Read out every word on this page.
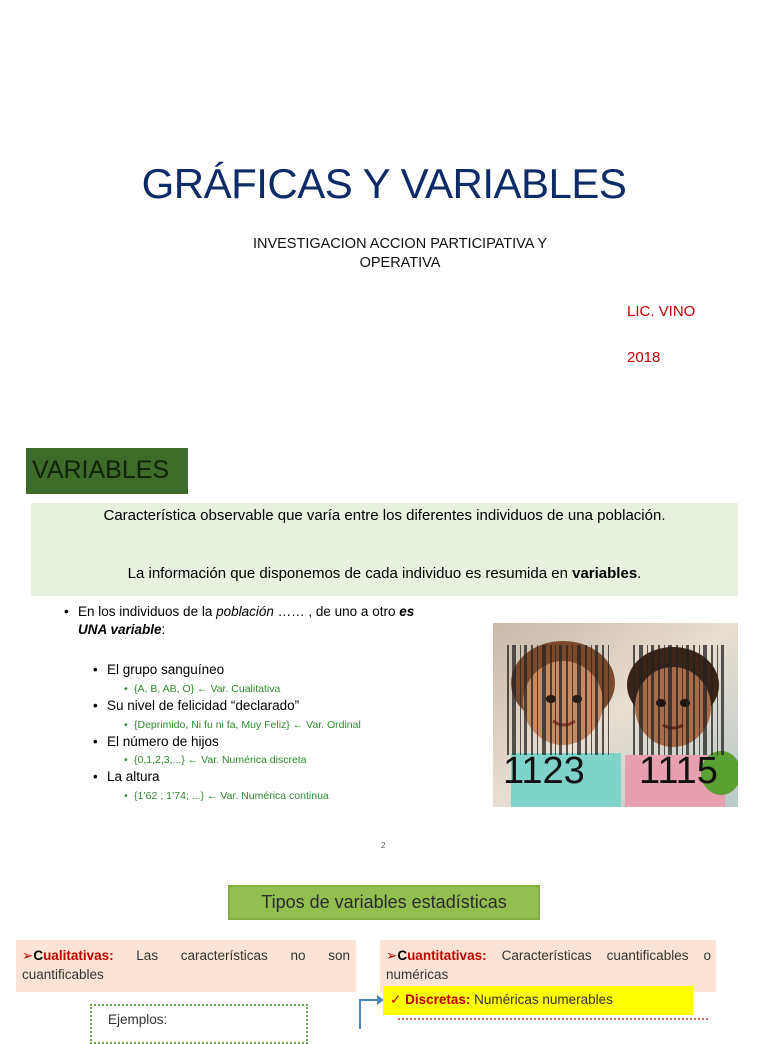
GRÁFICAS Y VARIABLES
INVESTIGACION ACCION PARTICIPATIVA Y
OPERATIVA
LIC. VINO
2018
VARIABLES
Característica observable que varía entre los diferentes individuos de una población.
La información que disponemos de cada individuo es resumida en variables.
• En los individuos de la población …… , de uno a otro es
UNA variable:
• El grupo sanguíneo
• {A, B, AB, O} ← Var. Cualitativa
• Su nivel de felicidad “declarado”
• {Deprimido, Ni fu ni fa, Muy Feliz} ← Var. Ordinal
• El número de hijos
• {0,1,2,3,...} ← Var. Numérica discreta
• La altura
• {1’62 ; 1’74; ...} ← Var. Numérica continua
1123 1115
2
Tipos de variables estadísticas
➢Cualitativas: Las características no son cuantificables
➢Cuantitativas: Características cuantificables o numéricas
Ejemplos:
✓ Discretas: Numéricas numerables
